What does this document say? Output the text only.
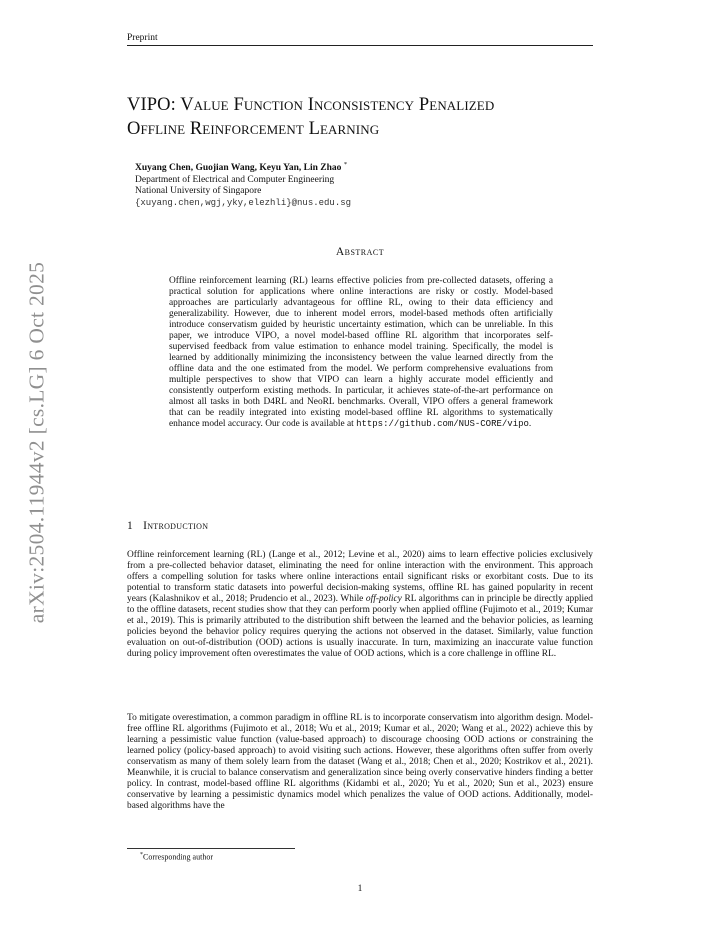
Preprint
arXiv:2504.11944v2 [cs.LG] 6 Oct 2025
VIPO: Value Function Inconsistency Penalized
Offline Reinforcement Learning
Xuyang Chen, Guojian Wang, Keyu Yan, Lin Zhao *
Department of Electrical and Computer Engineering
National University of Singapore
{xuyang.chen,wgj,yky,elezhli}@nus.edu.sg
Abstract
Offline reinforcement learning (RL) learns effective policies from pre-collected datasets, offering a practical solution for applications where online interactions are risky or costly. Model-based approaches are particularly advantageous for offline RL, owing to their data efficiency and generalizability. However, due to inherent model errors, model-based methods often artificially introduce conservatism guided by heuristic uncertainty estimation, which can be unreliable. In this paper, we introduce VIPO, a novel model-based offline RL algorithm that incorporates self-supervised feedback from value estimation to enhance model training. Specifically, the model is learned by additionally minimizing the inconsistency between the value learned directly from the offline data and the one estimated from the model. We perform comprehensive evaluations from multiple perspectives to show that VIPO can learn a highly accurate model efficiently and consistently outperform existing methods. In particular, it achieves state-of-the-art performance on almost all tasks in both D4RL and NeoRL benchmarks. Overall, VIPO offers a general framework that can be readily integrated into existing model-based offline RL algorithms to systematically enhance model accuracy. Our code is available at https://github.com/NUS-CORE/vipo.
1 Introduction
Offline reinforcement learning (RL) (Lange et al., 2012; Levine et al., 2020) aims to learn effective policies exclusively from a pre-collected behavior dataset, eliminating the need for online interaction with the environment. This approach offers a compelling solution for tasks where online interactions entail significant risks or exorbitant costs. Due to its potential to transform static datasets into powerful decision-making systems, offline RL has gained popularity in recent years (Kalashnikov et al., 2018; Prudencio et al., 2023). While off-policy RL algorithms can in principle be directly applied to the offline datasets, recent studies show that they can perform poorly when applied offline (Fujimoto et al., 2019; Kumar et al., 2019). This is primarily attributed to the distribution shift between the learned and the behavior policies, as learning policies beyond the behavior policy requires querying the actions not observed in the dataset. Similarly, value function evaluation on out-of-distribution (OOD) actions is usually inaccurate. In turn, maximizing an inaccurate value function during policy improvement often overestimates the value of OOD actions, which is a core challenge in offline RL.
To mitigate overestimation, a common paradigm in offline RL is to incorporate conservatism into algorithm design. Model-free offline RL algorithms (Fujimoto et al., 2018; Wu et al., 2019; Kumar et al., 2020; Wang et al., 2022) achieve this by learning a pessimistic value function (value-based approach) to discourage choosing OOD actions or constraining the learned policy (policy-based approach) to avoid visiting such actions. However, these algorithms often suffer from overly conservatism as many of them solely learn from the dataset (Wang et al., 2018; Chen et al., 2020; Kostrikov et al., 2021). Meanwhile, it is crucial to balance conservatism and generalization since being overly conservative hinders finding a better policy. In contrast, model-based offline RL algorithms (Kidambi et al., 2020; Yu et al., 2020; Sun et al., 2023) ensure conservative by learning a pessimistic dynamics model which penalizes the value of OOD actions. Additionally, model-based algorithms have the
*Corresponding author
1
